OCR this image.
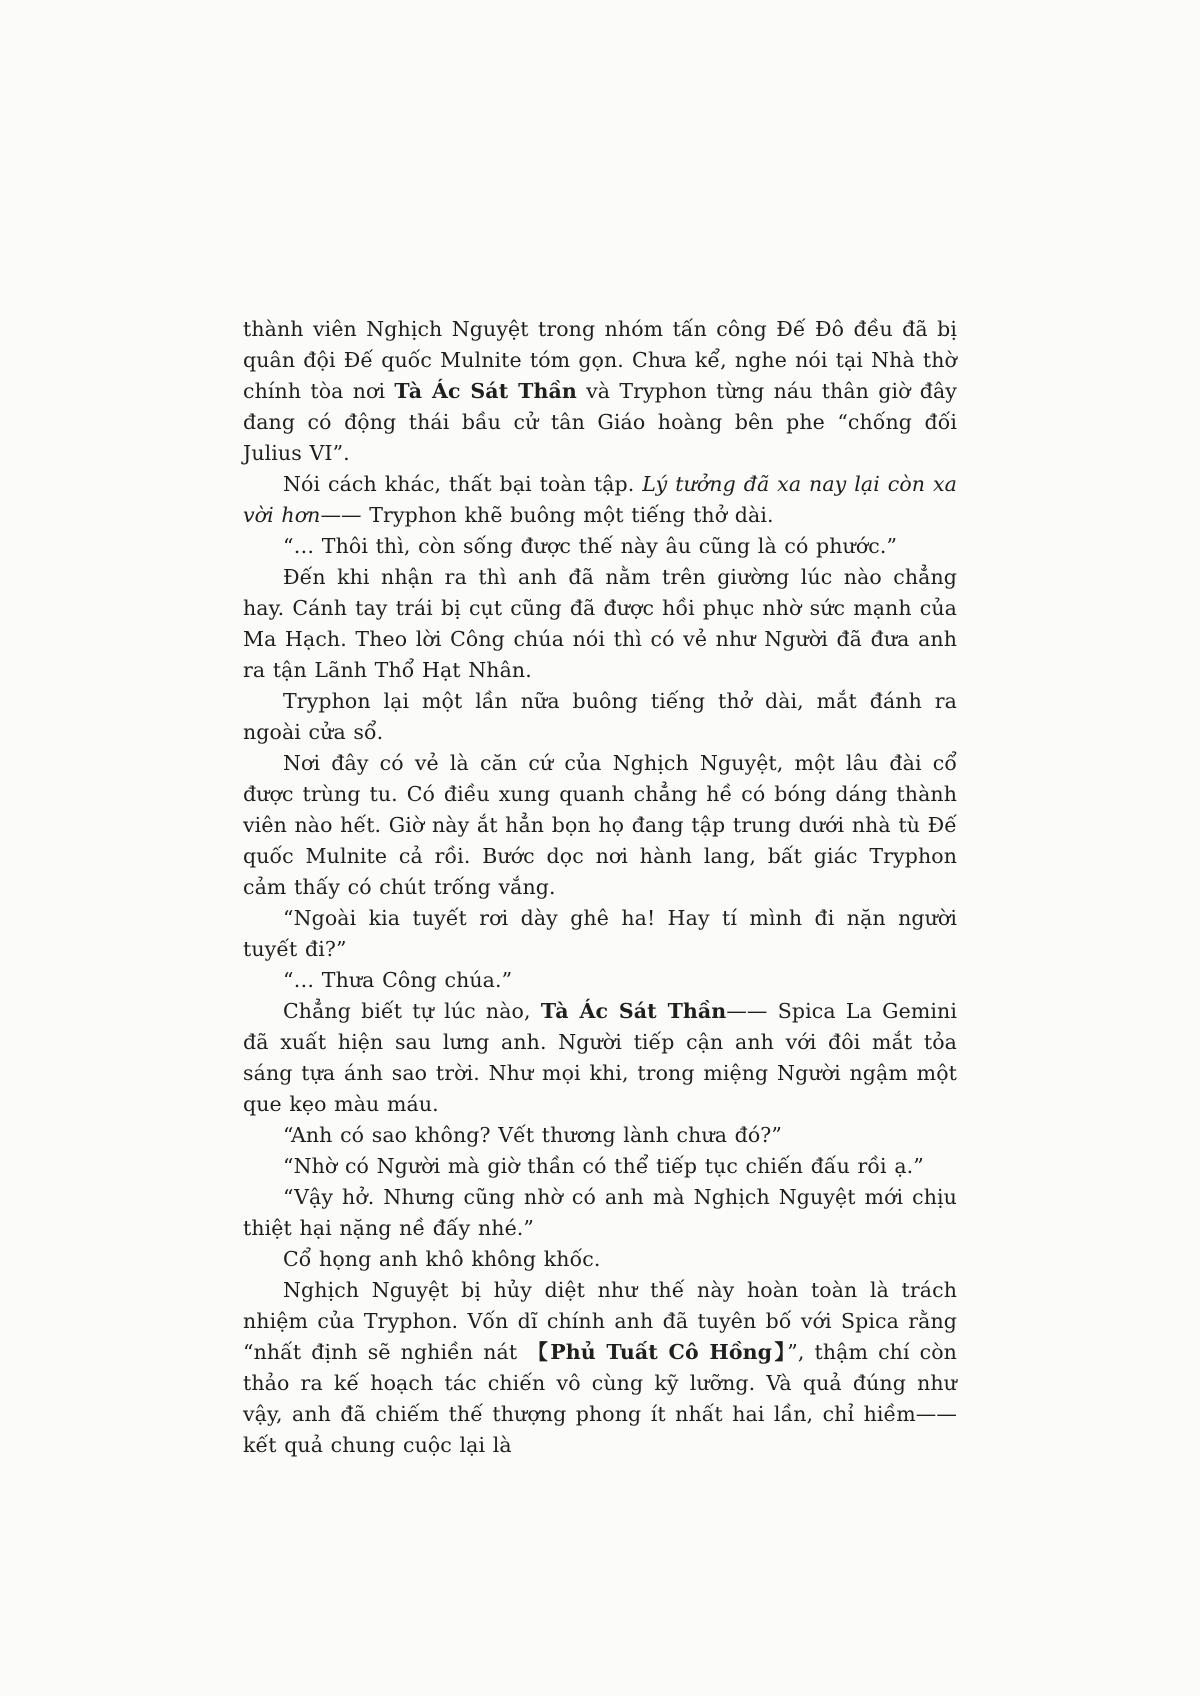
thành viên Nghịch Nguyệt trong nhóm tấn công Đế Đô đều đã bị quân đội Đế quốc Mulnite tóm gọn. Chưa kể, nghe nói tại Nhà thờ chính tòa nơi Tà Ác Sát Thần và Tryphon từng náu thân giờ đây đang có động thái bầu cử tân Giáo hoàng bên phe “chống đối Julius VI”.

Nói cách khác, thất bại toàn tập. Lý tưởng đã xa nay lại còn xa vời hơn—— Tryphon khẽ buông một tiếng thở dài.

“… Thôi thì, còn sống được thế này âu cũng là có phước.”

Đến khi nhận ra thì anh đã nằm trên giường lúc nào chẳng hay. Cánh tay trái bị cụt cũng đã được hồi phục nhờ sức mạnh của Ma Hạch. Theo lời Công chúa nói thì có vẻ như Người đã đưa anh ra tận Lãnh Thổ Hạt Nhân.

Tryphon lại một lần nữa buông tiếng thở dài, mắt đánh ra ngoài cửa sổ.

Nơi đây có vẻ là căn cứ của Nghịch Nguyệt, một lâu đài cổ được trùng tu. Có điều xung quanh chẳng hề có bóng dáng thành viên nào hết. Giờ này ắt hẳn bọn họ đang tập trung dưới nhà tù Đế quốc Mulnite cả rồi. Bước dọc nơi hành lang, bất giác Tryphon cảm thấy có chút trống vắng.

“Ngoài kia tuyết rơi dày ghê ha! Hay tí mình đi nặn người tuyết đi?”

“… Thưa Công chúa.”

Chẳng biết tự lúc nào, Tà Ác Sát Thần—— Spica La Gemini đã xuất hiện sau lưng anh. Người tiếp cận anh với đôi mắt tỏa sáng tựa ánh sao trời. Như mọi khi, trong miệng Người ngậm một que kẹo màu máu.

“Anh có sao không? Vết thương lành chưa đó?”

“Nhờ có Người mà giờ thần có thể tiếp tục chiến đấu rồi ạ.”

“Vậy hở. Nhưng cũng nhờ có anh mà Nghịch Nguyệt mới chịu thiệt hại nặng nề đấy nhé.”

Cổ họng anh khô không khốc.

Nghịch Nguyệt bị hủy diệt như thế này hoàn toàn là trách nhiệm của Tryphon. Vốn dĩ chính anh đã tuyên bố với Spica rằng “nhất định sẽ nghiền nát 【Phủ Tuất Cô Hồng】”, thậm chí còn thảo ra kế hoạch tác chiến vô cùng kỹ lưỡng. Và quả đúng như vậy, anh đã chiếm thế thượng phong ít nhất hai lần, chỉ hiềm—— kết quả chung cuộc lại là
